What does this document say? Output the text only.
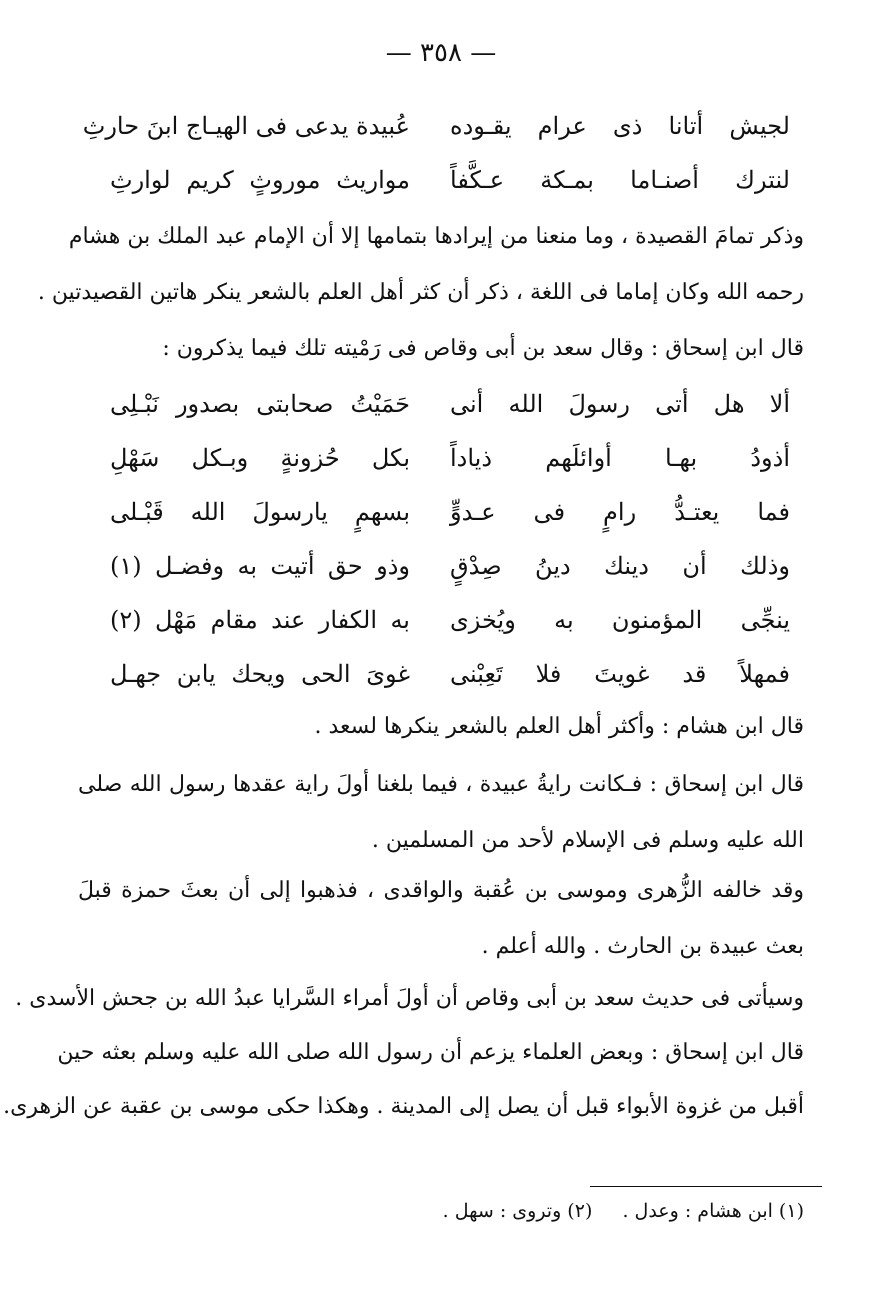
— ٣٥٨ —
لجيش أتانا ذى عرام يقـوده
عُبيدة يدعى فى الهيـاج ابنَ حارثِ
لنترك أصنـاما بمـكة عـكَّفاً
مواريث موروثٍ كريم لوارثِ
وذكر تمامَ القصيدة ، وما منعنا من إيرادها بتمامها إلا أن الإمام عبد الملك بن هشام
رحمه الله وكان إماما فى اللغة ، ذكر أن كثر أهل العلم بالشعر ينكر هاتين القصيدتين .
قال ابن إسحاق : وقال سعد بن أبى وقاص فى رَمْيته تلك فيما يذكرون :
ألا هل أتى رسولَ الله أنى
حَمَيْتُ صحابتى بصدور نَبْـلِى
أذودُ بهـا أوائلَهم ذياداً
بكل حُزونةٍ وبـكل سَهْلِ
فما يعتـدُّ رامٍ فى عـدوٍّ
بسهمٍ يارسولَ الله قَبْـلى
وذلك أن دينك دينُ صِدْقٍ
وذو حق أتيت به وفضـل (١)
ينجِّى المؤمنون به ويُخزى
به الكفار عند مقام مَهْل (٢)
فمهلاً قد غويتَ فلا تَعِبْنى
غوىَ الحى ويحك يابن جهـل
قال ابن هشام : وأكثر أهل العلم بالشعر ينكرها لسعد .
قال ابن إسحاق : فـكانت رايةُ عبيدة ، فيما بلغنا أولَ راية عقدها رسول الله صلى
الله عليه وسلم فى الإسلام لأحد من المسلمين .
وقد خالفه الزُّهرى وموسى بن عُقبة والواقدى ، فذهبوا إلى أن بعثَ حمزة قبلَ
بعث عبيدة بن الحارث . والله أعلم .
وسيأتى فى حديث سعد بن أبى وقاص أن أولَ أمراء السَّرايا عبدُ الله بن جحش الأسدى .
قال ابن إسحاق : وبعض العلماء يزعم أن رسول الله صلى الله عليه وسلم بعثه حين
أقبل من غزوة الأبواء قبل أن يصل إلى المدينة . وهكذا حكى موسى بن عقبة عن الزهرى.
(١) ابن هشام : وعدل .  (٢) وتروى : سهل .
